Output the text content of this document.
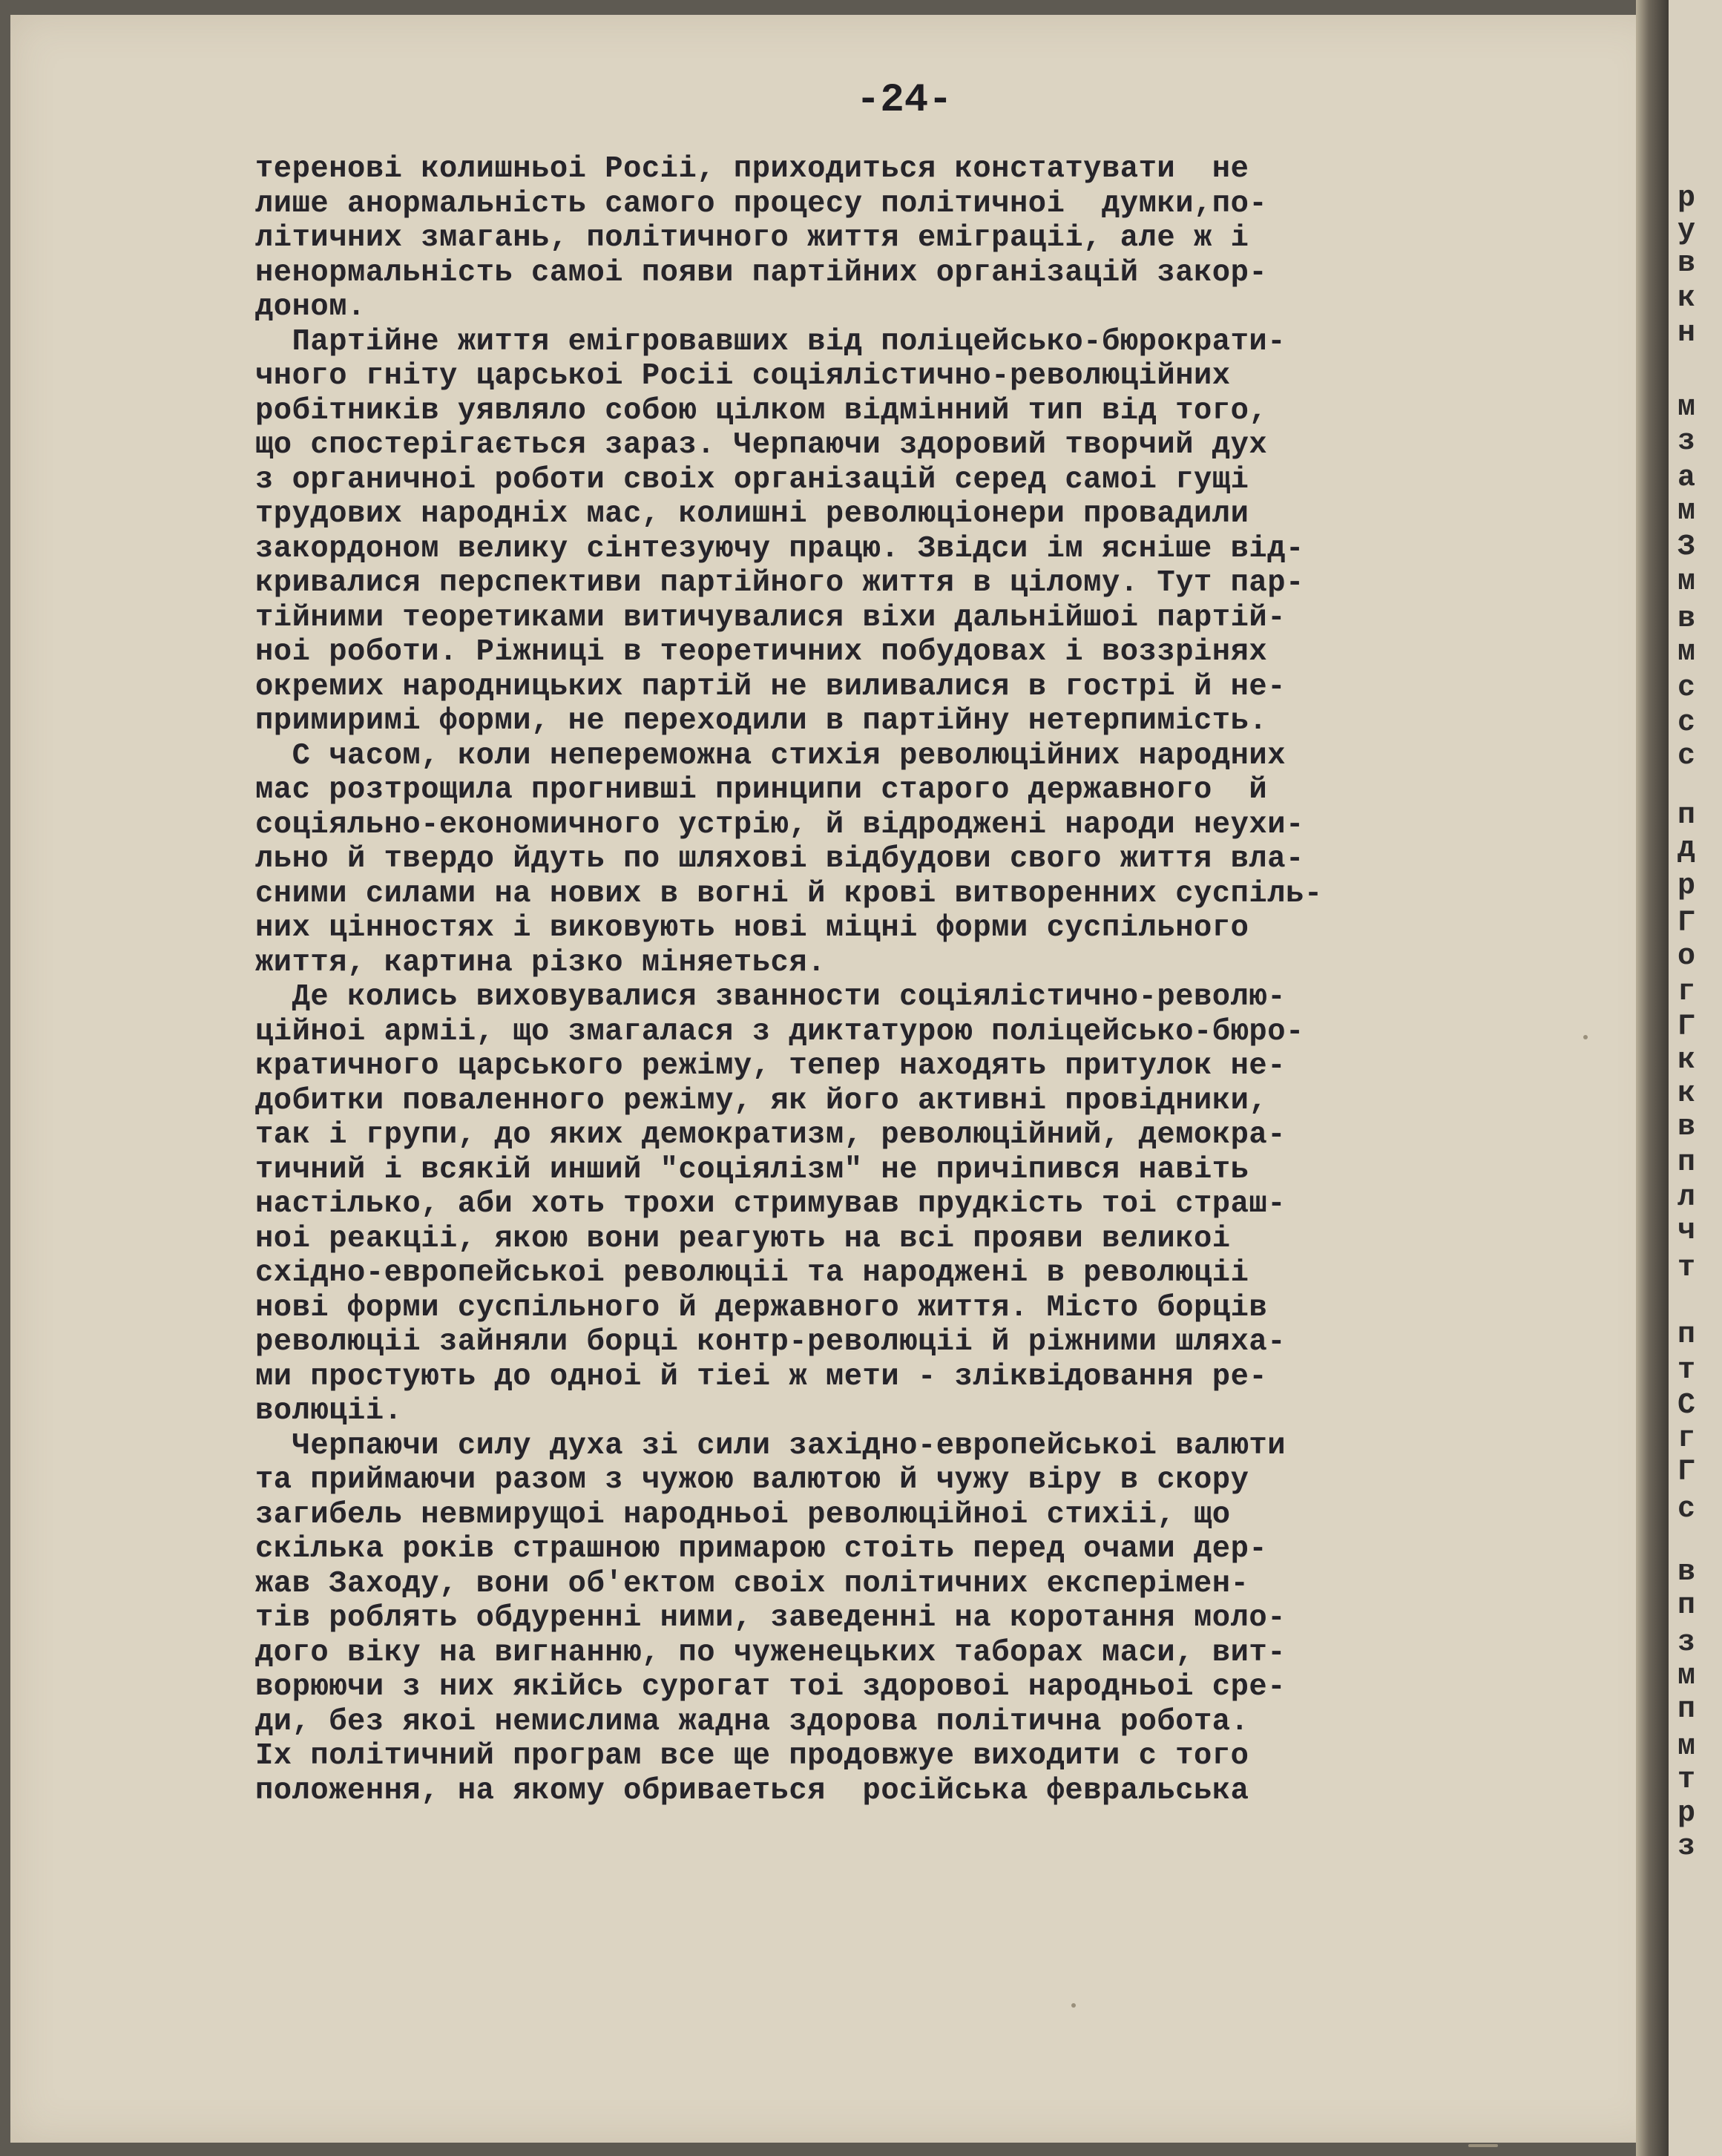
-24-
тереновi колишньоi Росii, приходиться констатувати  не
лише анормальнiсть самого процесу полiтичноi  думки,по-
лiтичних змагань, полiтичного життя емiграцii, але ж i
ненормальнiсть самоi появи партiйних органiзацiй закор-
доном.
Партiйне життя емiгровавших вiд полiцейсько-бюрократи-
чного гнiту царськоi Росii соцiялiстично-революцiйних
робiтникiв уявляло собою цiлком вiдмiнний тип вiд того,
що спостерiгається зараз. Черпаючи здоровий творчий дух
з органичноi роботи своiх органiзацiй серед самоi гущi
трудових народнiх мас, колишнi революцiонери провадили
закордоном велику сiнтезуючу працю. Звiдси iм яснiше вiд-
кривалися перспективи партiйного життя в цiлому. Тут пар-
тiйними теоретиками витичувалися вiхи дальнiйшоi партiй-
ноi роботи. Рiжницi в теоретичних побудовах i воззрiнях
окремих народницьких партiй не виливалися в гострi й не-
примиримi форми, не переходили в партiйну нетерпимiсть.
С часом, коли непереможна стихiя революцiйних народних
мас розтрощила прогнившi принципи старого державного  й
соцiяльно-економичного устрiю, й вiдродженi народи неухи-
льно й твердо йдуть по шляховi вiдбудови свого життя вла-
сними силами на нових в вогнi й кровi витворенних суспiль-
них цiнностях i виковують новi мiцнi форми суспiльного
життя, картина рiзко мiняеться.
Де колись виховувалися званности соцiялiстично-револю-
цiйноi армii, що змагалася з диктатурою полiцейсько-бюро-
кратичного царського режiму, тепер находять притулок не-
добитки поваленного режiму, як його активнi провiдники,
так i групи, до яких демократизм, революцiйний, демокра-
тичний i всякiй инший "соцiялiзм" не причiпився навiть
настiлько, аби хоть трохи стримував прудкiсть тоi страш-
ноi реакцii, якою вони реагують на всi прояви великоi
схiдно-европейськоi революцii та народженi в революцii
новi форми суспiльного й державного життя. Мiсто борцiв
революцii зайняли борцi контр-революцii й рiжними шляха-
ми простують до одноi й тiеi ж мети - злiквiдовання ре-
волюцii.
Черпаючи силу духа зi сили захiдно-европейськоi валюти
та приймаючи разом з чужою валютою й чужу вiру в скору
загибель невмирущоi народньоi революцiйноi стихii, що
скiлька рокiв страшною примарою стоiть перед очами дер-
жав Заходу, вони об'ектом своiх полiтичних експерiмен-
тiв роблять обдуреннi ними, заведеннi на коротання моло-
дого вiку на вигнанню, по чуженецьких таборах маси, вит-
ворюючи з них якiйсь сурогат тоi здоровоi народньоi сре-
ди, без якоi немислима жадна здорова полiтична робота.
Iх полiтичний програм все ще продовжуе виходити с того
положення, на якому обриваеться  росiйська февральська
р
у
в
к
н
м
з
а
м
З
м
в
м
с
с
с
п
д
р
Г
о
г
Г
к
к
в
п
л
ч
т
п
т
С
г
Г
с
в
п
з
м
п
м
т
р
з
